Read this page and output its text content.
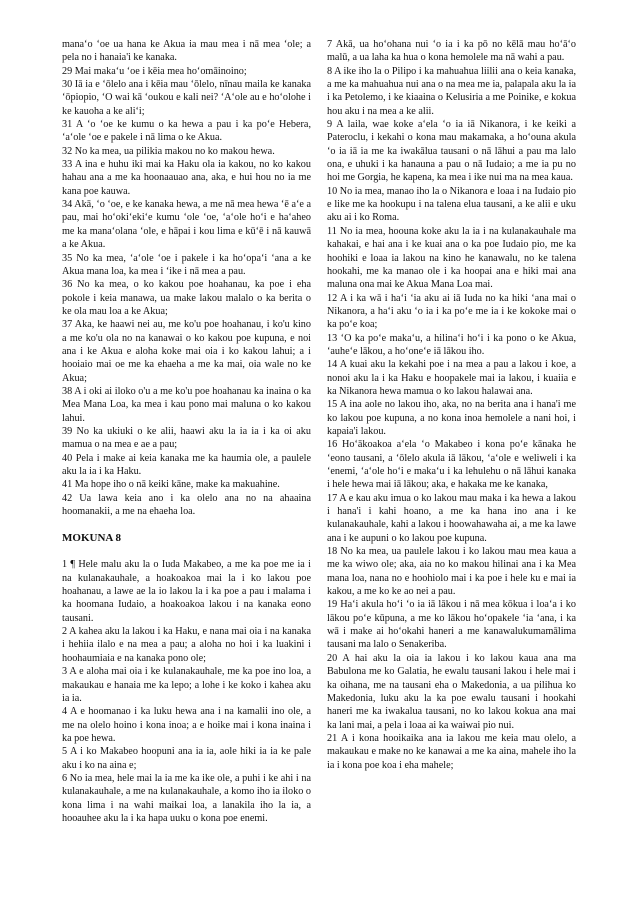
manaʻo ʻoe ua hana ke Akua ia mau mea i nā mea ʻole; a pela no i hanaia'i ke kanaka.

29 Mai makaʻu ʻoe i kēia mea hoʻomāinoino;

30 Iā ia e ʻōlelo ana i kēia mau ʻōlelo, nīnau maila ke kanaka ʻōpiopio, ʻO wai kā ʻoukou e kali nei? ʻAʻole au e hoʻolohe i ke kauoha a ke aliʻi;

31 A ʻo ʻoe ke kumu o ka hewa a pau i ka poʻe Hebera, ʻaʻole ʻoe e pakele i nā lima o ke Akua.

32 No ka mea, ua pilikia makou no ko makou hewa.

33 A ina e huhu iki mai ka Haku ola ia kakou, no ko kakou hahau ana a me ka hoonaauao ana, aka, e hui hou no ia me kana poe kauwa.

34 Akā, ʻo ʻoe, e ke kanaka hewa, a me nā mea hewa ʻē aʻe a pau, mai hoʻokiʻekiʻe kumu ʻole ʻoe, ʻaʻole hoʻi e haʻaheo me ka manaʻolana ʻole, e hāpai i kou lima e kūʻē i nā kauwā a ke Akua.

35 No ka mea, ʻaʻole ʻoe i pakele i ka hoʻopaʻi ʻana a ke Akua mana loa, ka mea i ʻike i nā mea a pau.

36 No ka mea, o ko kakou poe hoahanau, ka poe i eha pokole i keia manawa, ua make lakou malalo o ka berita o ke ola mau loa a ke Akua;

37 Aka, ke haawi nei au, me ko'u poe hoahanau, i ko'u kino a me ko'u ola no na kanawai o ko kakou poe kupuna, e noi ana i ke Akua e aloha koke mai oia i ko kakou lahui; a i hooiaio mai oe me ka ehaeha a me ka mai, oia wale no ke Akua;

38 A i oki ai iloko o'u a me ko'u poe hoahanau ka inaina o ka Mea Mana Loa, ka mea i kau pono mai maluna o ko kakou lahui.

39 No ka ukiuki o ke alii, haawi aku la ia ia i ka oi aku mamua o na mea e ae a pau;

40 Pela i make ai keia kanaka me ka haumia ole, a paulele aku la ia i ka Haku.

41 Ma hope iho o nā keiki kāne, make ka makuahine.

42 Ua lawa keia ano i ka olelo ana no na ahaaina hoomanakii, a me na ehaeha loa.

MOKUNA 8

1 ¶ Hele malu aku la o Iuda Makabeo, a me ka poe me ia i na kulanakauhale, a hoakoakoa mai la i ko lakou poe hoahanau, a lawe ae la io lakou la i ka poe a pau i malama i ka hoomana Iudaio, a hoakoakoa lakou i na kanaka eono tausani.

2 A kahea aku la lakou i ka Haku, e nana mai oia i na kanaka i hehiia ilalo e na mea a pau; a aloha no hoi i ka luakini i hoohaumiaia e na kanaka pono ole;

3 A e aloha mai oia i ke kulanakauhale, me ka poe ino loa, a makaukau e hanaia me ka lepo; a lohe i ke koko i kahea aku ia ia.

4 A e hoomanao i ka luku hewa ana i na kamalii ino ole, a me na olelo hoino i kona inoa; a e hoike mai i kona inaina i ka poe hewa.

5 A i ko Makabeo hoopuni ana ia ia, aole hiki ia ia ke pale aku i ko na aina e;

6 No ia mea, hele mai la ia me ka ike ole, a puhi i ke ahi i na kulanakauhale, a me na kulanakauhale, a komo iho ia iloko o kona lima i na wahi maikai loa, a lanakila iho la ia, a hooauhee aku la i ka hapa uuku o kona poe enemi.

7 Akā, ua hoʻohana nui ʻo ia i ka pō no kēlā mau hoʻāʻo malū, a ua laha ka hua o kona hemolele ma nā wahi a pau.

8 A ike iho la o Pilipo i ka mahuahua liilii ana o keia kanaka, a me ka mahuahua nui ana o na mea me ia, palapala aku la ia i ka Petolemo, i ke kiaaina o Kelusiria a me Poinike, e kokua hou aku i na mea a ke alii.

9 A laila, wae koke aʻela ʻo ia iā Nikanora, i ke keiki a Pateroclu, i kekahi o kona mau makamaka, a hoʻouna akula ʻo ia iā ia me ka iwakālua tausani o nā lāhui a pau ma lalo ona, e uhuki i ka hanauna a pau o nā Iudaio; a me ia pu no hoi me Gorgia, he kapena, ka mea i ike nui ma na mea kaua.

10 No ia mea, manao iho la o Nikanora e loaa i na Iudaio pio e like me ka hookupu i na talena elua tausani, a ke alii e uku aku ai i ko Roma.

11 No ia mea, hoouna koke aku la ia i na kulanakauhale ma kahakai, e hai ana i ke kuai ana o ka poe Iudaio pio, me ka hoohiki e loaa ia lakou na kino he kanawalu, no ke talena hookahi, me ka manao ole i ka hoopai ana e hiki mai ana maluna ona mai ke Akua Mana Loa mai.

12 A i ka wā i haʻi ʻia aku ai iā Iuda no ka hiki ʻana mai o Nikanora, a haʻi aku ʻo ia i ka poʻe me ia i ke kokoke mai o ka poʻe koa;

13 ʻO ka poʻe makaʻu, a hilinaʻi hoʻi i ka pono o ke Akua, ʻauheʻe lākou, a hoʻoneʻe iā lākou iho.

14 A kuai aku la kekahi poe i na mea a pau a lakou i koe, a nonoi aku la i ka Haku e hoopakele mai ia lakou, i kuaiia e ka Nikanora hewa mamua o ko lakou halawai ana.

15 A ina aole no lakou iho, aka, no na berita ana i hana'i me ko lakou poe kupuna, a no kona inoa hemolele a nani hoi, i kapaia'i lakou.

16 Hoʻākoakoa aʻela ʻo Makabeo i kona poʻe kānaka he ʻeono tausani, a ʻōlelo akula iā lākou, ʻaʻole e weliweli i ka ʻenemi, ʻaʻole hoʻi e makaʻu i ka lehulehu o nā lāhui kanaka i hele hewa mai iā lākou; aka, e hakaka me ke kanaka,

17 A e kau aku imua o ko lakou mau maka i ka hewa a lakou i hana'i i kahi hoano, a me ka hana ino ana i ke kulanakauhale, kahi a lakou i hoowahawaha ai, a me ka lawe ana i ke aupuni o ko lakou poe kupuna.

18 No ka mea, ua paulele lakou i ko lakou mau mea kaua a me ka wiwo ole; aka, aia no ko makou hilinai ana i ka Mea mana loa, nana no e hoohiolo mai i ka poe i hele ku e mai ia kakou, a me ko ke ao nei a pau.

19 Haʻi akula hoʻi ʻo ia iā lākou i nā mea kōkua i loaʻa i ko lākou poʻe kūpuna, a me ko lākou hoʻopakele ʻia ʻana, i ka wā i make ai hoʻokahi haneri a me kanawalukumamālima tausani ma lalo o Senakeriba.

20 A hai aku la oia ia lakou i ko lakou kaua ana ma Babulona me ko Galatia, he ewalu tausani lakou i hele mai i ka oihana, me na tausani eha o Makedonia, a ua pilihua ko Makedonia, luku aku la ka poe ewalu tausani i hookahi haneri me ka iwakalua tausani, no ko lakou kokua ana mai ka lani mai, a pela i loaa ai ka waiwai pio nui.

21 A i kona hooikaika ana ia lakou me keia mau olelo, a makaukau e make no ke kanawai a me ka aina, mahele iho la ia i kona poe koa i eha mahele;
